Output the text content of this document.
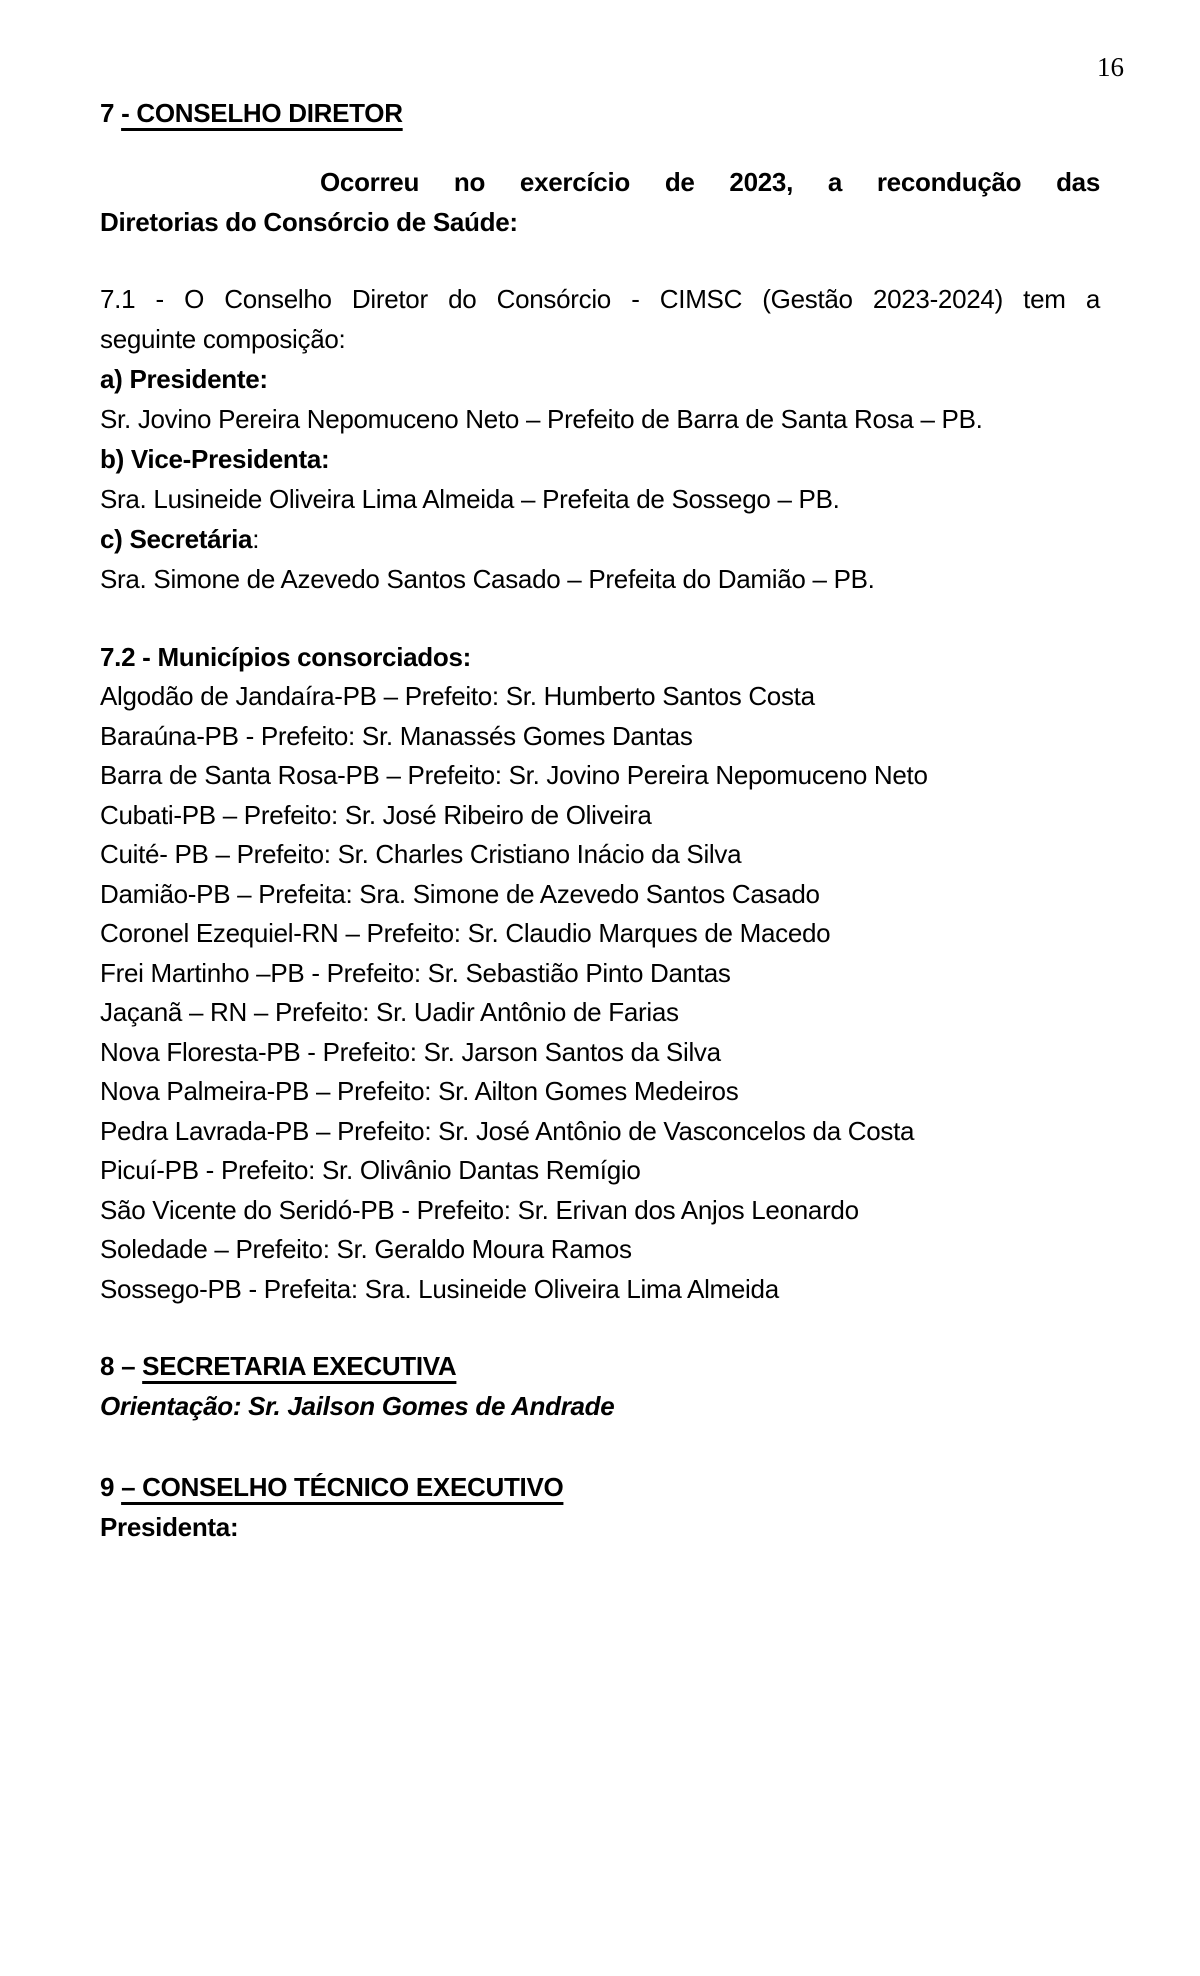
16
7 - CONSELHO DIRETOR
Ocorreu no exercício de 2023, a recondução das
Diretorias do Consórcio de Saúde:
7.1 - O Conselho Diretor do Consórcio - CIMSC (Gestão 2023-2024) tem a
seguinte composição:
a) Presidente:
Sr. Jovino Pereira Nepomuceno Neto – Prefeito de Barra de Santa Rosa – PB.
b) Vice-Presidenta:
Sra. Lusineide Oliveira Lima Almeida – Prefeita de Sossego – PB.
c) Secretária:
Sra. Simone de Azevedo Santos Casado – Prefeita do Damião – PB.
7.2 - Municípios consorciados:
Algodão de Jandaíra-PB – Prefeito: Sr. Humberto Santos Costa
Baraúna-PB - Prefeito: Sr. Manassés Gomes Dantas
Barra de Santa Rosa-PB – Prefeito: Sr. Jovino Pereira Nepomuceno Neto
Cubati-PB – Prefeito: Sr. José Ribeiro de Oliveira
Cuité- PB – Prefeito: Sr. Charles Cristiano Inácio da Silva
Damião-PB – Prefeita: Sra. Simone de Azevedo Santos Casado
Coronel Ezequiel-RN – Prefeito: Sr. Claudio Marques de Macedo
Frei Martinho –PB - Prefeito: Sr. Sebastião Pinto Dantas
Jaçanã – RN – Prefeito: Sr. Uadir Antônio de Farias
Nova Floresta-PB - Prefeito: Sr. Jarson Santos da Silva
Nova Palmeira-PB – Prefeito: Sr. Ailton Gomes Medeiros
Pedra Lavrada-PB – Prefeito: Sr. José Antônio de Vasconcelos da Costa
Picuí-PB - Prefeito: Sr. Olivânio Dantas Remígio
São Vicente do Seridó-PB - Prefeito: Sr. Erivan dos Anjos Leonardo
Soledade – Prefeito: Sr. Geraldo Moura Ramos
Sossego-PB - Prefeita: Sra. Lusineide Oliveira Lima Almeida
8 – SECRETARIA EXECUTIVA
Orientação: Sr. Jailson Gomes de Andrade
9 – CONSELHO TÉCNICO EXECUTIVO
Presidenta:
